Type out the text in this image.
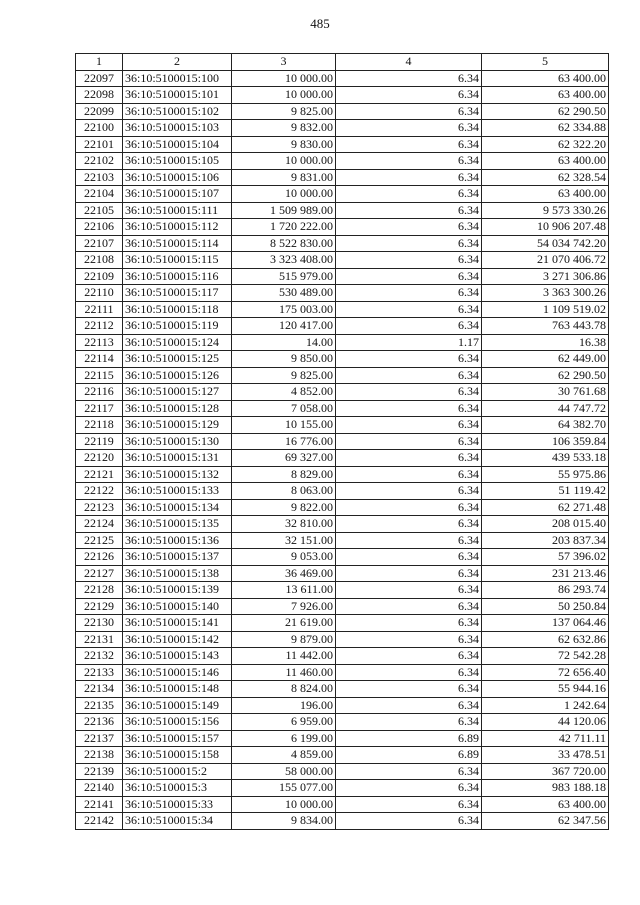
485
1	2	3	4	5
22097	36:10:5100015:100	10 000.00	6.34	63 400.00
22098	36:10:5100015:101	10 000.00	6.34	63 400.00
22099	36:10:5100015:102	9 825.00	6.34	62 290.50
22100	36:10:5100015:103	9 832.00	6.34	62 334.88
22101	36:10:5100015:104	9 830.00	6.34	62 322.20
22102	36:10:5100015:105	10 000.00	6.34	63 400.00
22103	36:10:5100015:106	9 831.00	6.34	62 328.54
22104	36:10:5100015:107	10 000.00	6.34	63 400.00
22105	36:10:5100015:111	1 509 989.00	6.34	9 573 330.26
22106	36:10:5100015:112	1 720 222.00	6.34	10 906 207.48
22107	36:10:5100015:114	8 522 830.00	6.34	54 034 742.20
22108	36:10:5100015:115	3 323 408.00	6.34	21 070 406.72
22109	36:10:5100015:116	515 979.00	6.34	3 271 306.86
22110	36:10:5100015:117	530 489.00	6.34	3 363 300.26
22111	36:10:5100015:118	175 003.00	6.34	1 109 519.02
22112	36:10:5100015:119	120 417.00	6.34	763 443.78
22113	36:10:5100015:124	14.00	1.17	16.38
22114	36:10:5100015:125	9 850.00	6.34	62 449.00
22115	36:10:5100015:126	9 825.00	6.34	62 290.50
22116	36:10:5100015:127	4 852.00	6.34	30 761.68
22117	36:10:5100015:128	7 058.00	6.34	44 747.72
22118	36:10:5100015:129	10 155.00	6.34	64 382.70
22119	36:10:5100015:130	16 776.00	6.34	106 359.84
22120	36:10:5100015:131	69 327.00	6.34	439 533.18
22121	36:10:5100015:132	8 829.00	6.34	55 975.86
22122	36:10:5100015:133	8 063.00	6.34	51 119.42
22123	36:10:5100015:134	9 822.00	6.34	62 271.48
22124	36:10:5100015:135	32 810.00	6.34	208 015.40
22125	36:10:5100015:136	32 151.00	6.34	203 837.34
22126	36:10:5100015:137	9 053.00	6.34	57 396.02
22127	36:10:5100015:138	36 469.00	6.34	231 213.46
22128	36:10:5100015:139	13 611.00	6.34	86 293.74
22129	36:10:5100015:140	7 926.00	6.34	50 250.84
22130	36:10:5100015:141	21 619.00	6.34	137 064.46
22131	36:10:5100015:142	9 879.00	6.34	62 632.86
22132	36:10:5100015:143	11 442.00	6.34	72 542.28
22133	36:10:5100015:146	11 460.00	6.34	72 656.40
22134	36:10:5100015:148	8 824.00	6.34	55 944.16
22135	36:10:5100015:149	196.00	6.34	1 242.64
22136	36:10:5100015:156	6 959.00	6.34	44 120.06
22137	36:10:5100015:157	6 199.00	6.89	42 711.11
22138	36:10:5100015:158	4 859.00	6.89	33 478.51
22139	36:10:5100015:2	58 000.00	6.34	367 720.00
22140	36:10:5100015:3	155 077.00	6.34	983 188.18
22141	36:10:5100015:33	10 000.00	6.34	63 400.00
22142	36:10:5100015:34	9 834.00	6.34	62 347.56
